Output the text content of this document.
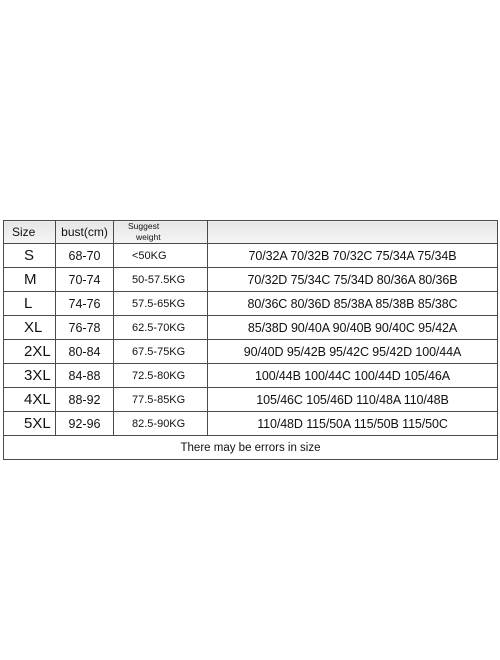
Size	bust(cm)	Suggest
weight	

S	68-70	<50KG	70/32A 70/32B 70/32C 75/34A 75/34B
M	70-74	50-57.5KG	70/32D 75/34C 75/34D 80/36A 80/36B
L	74-76	57.5-65KG	80/36C 80/36D 85/38A 85/38B 85/38C
XL	76-78	62.5-70KG	85/38D 90/40A 90/40B 90/40C 95/42A
2XL	80-84	67.5-75KG	90/40D 95/42B 95/42C 95/42D 100/44A
3XL	84-88	72.5-80KG	100/44B 100/44C 100/44D 105/46A
4XL	88-92	77.5-85KG	105/46C 105/46D 110/48A 110/48B
5XL	92-96	82.5-90KG	110/48D 115/50A 115/50B 115/50C
There may be errors in size			
